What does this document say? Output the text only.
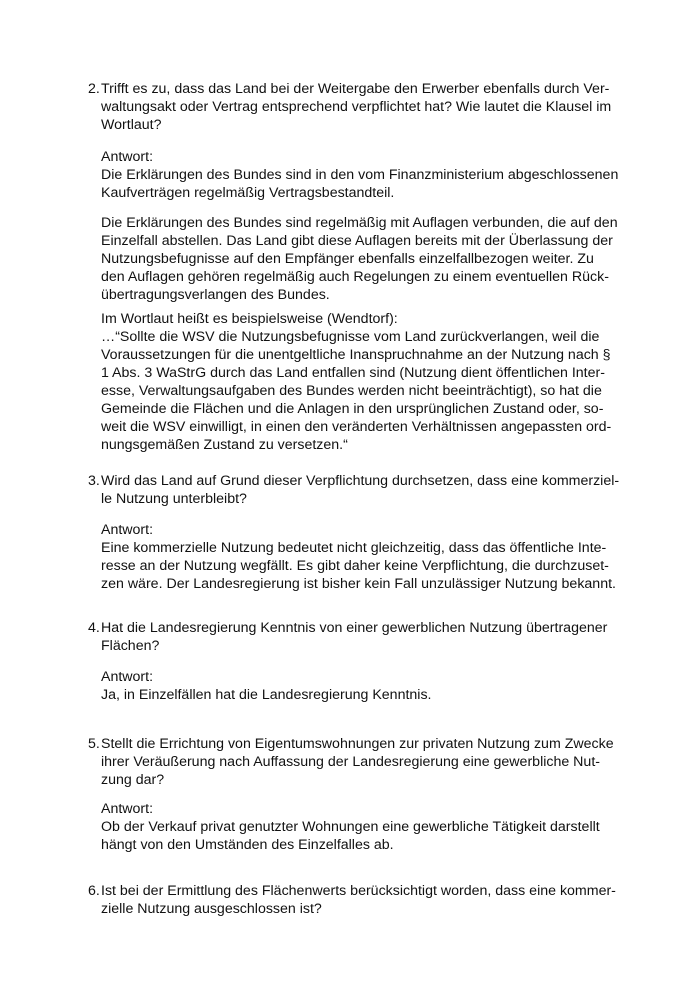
2. Trifft es zu, dass das Land bei der Weitergabe den Erwerber ebenfalls durch Ver-
waltungsakt oder Vertrag entsprechend verpflichtet hat? Wie lautet die Klausel im
Wortlaut?
Antwort:
Die Erklärungen des Bundes sind in den vom Finanzministerium abgeschlossenen
Kaufverträgen regelmäßig Vertragsbestandteil.
Die Erklärungen des Bundes sind regelmäßig mit Auflagen verbunden, die auf den
Einzelfall abstellen. Das Land gibt diese Auflagen bereits mit der Überlassung der
Nutzungsbefugnisse auf den Empfänger ebenfalls einzelfallbezogen weiter. Zu
den Auflagen gehören regelmäßig auch Regelungen zu einem eventuellen Rück-
übertragungsverlangen des Bundes.
Im Wortlaut heißt es beispielsweise (Wendtorf):
…“Sollte die WSV die Nutzungsbefugnisse vom Land zurückverlangen, weil die
Voraussetzungen für die unentgeltliche Inanspruchnahme an der Nutzung nach §
1 Abs. 3 WaStrG durch das Land entfallen sind (Nutzung dient öffentlichen Inter-
esse, Verwaltungsaufgaben des Bundes werden nicht beeinträchtigt), so hat die
Gemeinde die Flächen und die Anlagen in den ursprünglichen Zustand oder, so-
weit die WSV einwilligt, in einen den veränderten Verhältnissen angepassten ord-
nungsgemäßen Zustand zu versetzen.“
3. Wird das Land auf Grund dieser Verpflichtung durchsetzen, dass eine kommerziel-
le Nutzung unterbleibt?
Antwort:
Eine kommerzielle Nutzung bedeutet nicht gleichzeitig, dass das öffentliche Inte-
resse an der Nutzung wegfällt. Es gibt daher keine Verpflichtung, die durchzuset-
zen wäre. Der Landesregierung ist bisher kein Fall unzulässiger Nutzung bekannt.
4. Hat die Landesregierung Kenntnis von einer gewerblichen Nutzung übertragener
Flächen?
Antwort:
Ja, in Einzelfällen hat die Landesregierung Kenntnis.
5. Stellt die Errichtung von Eigentumswohnungen zur privaten Nutzung zum Zwecke
ihrer Veräußerung nach Auffassung der Landesregierung eine gewerbliche Nut-
zung dar?
Antwort:
Ob der Verkauf privat genutzter Wohnungen eine gewerbliche Tätigkeit darstellt
hängt von den Umständen des Einzelfalles ab.
6. Ist bei der Ermittlung des Flächenwerts berücksichtigt worden, dass eine kommer-
zielle Nutzung ausgeschlossen ist?
